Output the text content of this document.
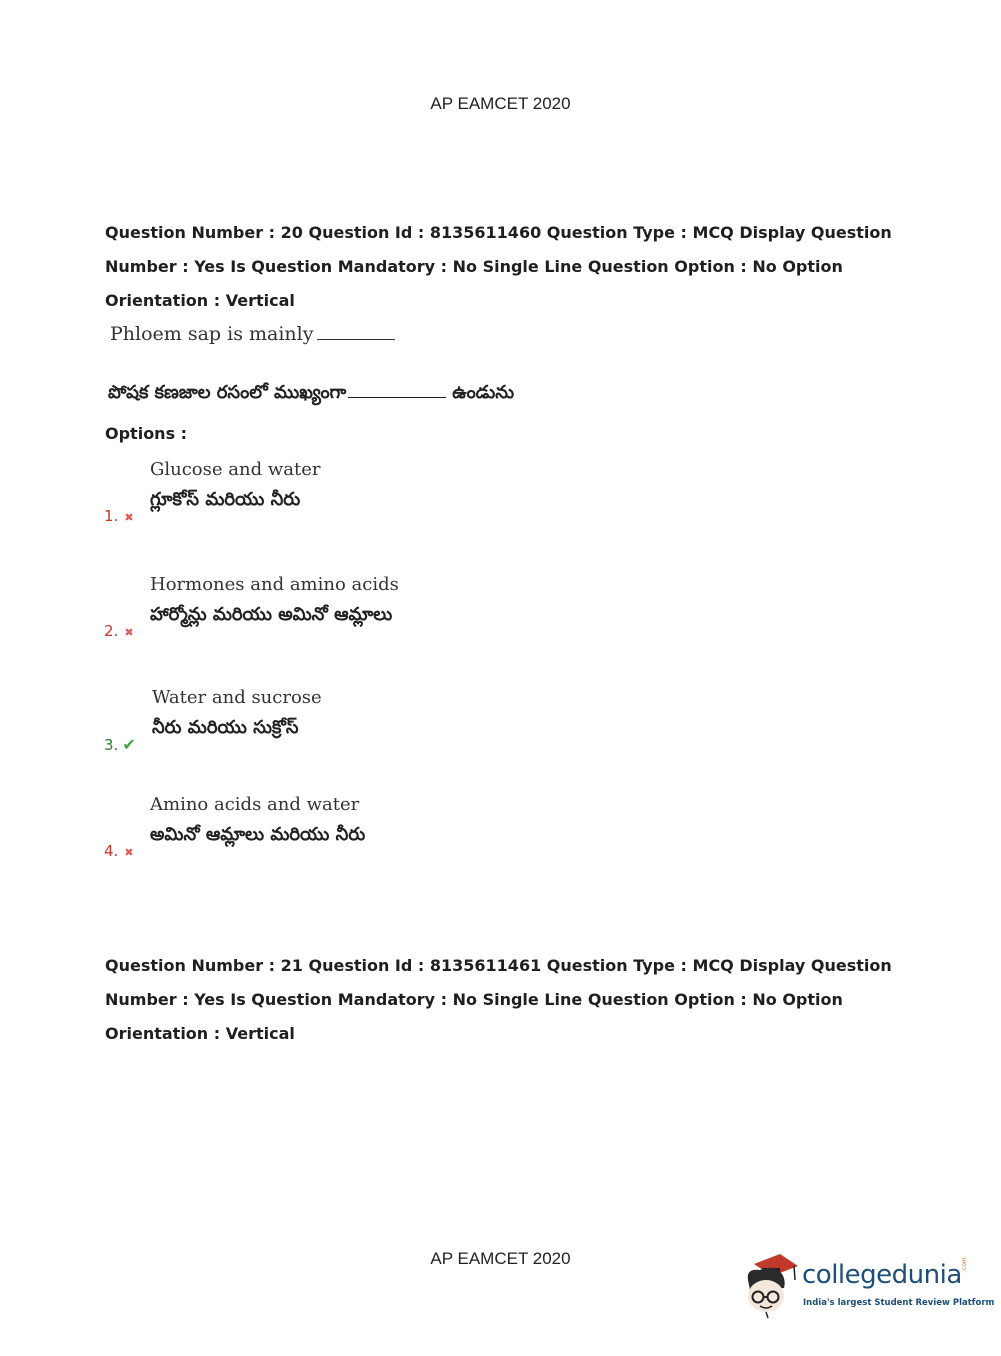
AP EAMCET 2020
Question Number : 20 Question Id : 8135611460 Question Type : MCQ Display Question
Number : Yes Is Question Mandatory : No Single Line Question Option : No Option
Orientation : Vertical
Phloem sap is mainly
పోషక కణజాల రసంలో ముఖ్యంగా	ఉండును
Options :
Glucose and water
గ్లూకోస్ మరియు నీరు
1. ✖
Hormones and amino acids
హార్మోన్లు మరియు అమినో ఆమ్లాలు
2. ✖
Water and sucrose
నీరు మరియు సుక్రోస్
3. ✔
Amino acids and water
అమినో ఆమ్లాలు మరియు నీరు
4. ✖
Question Number : 21 Question Id : 8135611461 Question Type : MCQ Display Question
Number : Yes Is Question Mandatory : No Single Line Question Option : No Option
Orientation : Vertical
AP EAMCET 2020
collegedunia .com
India's largest Student Review Platform
